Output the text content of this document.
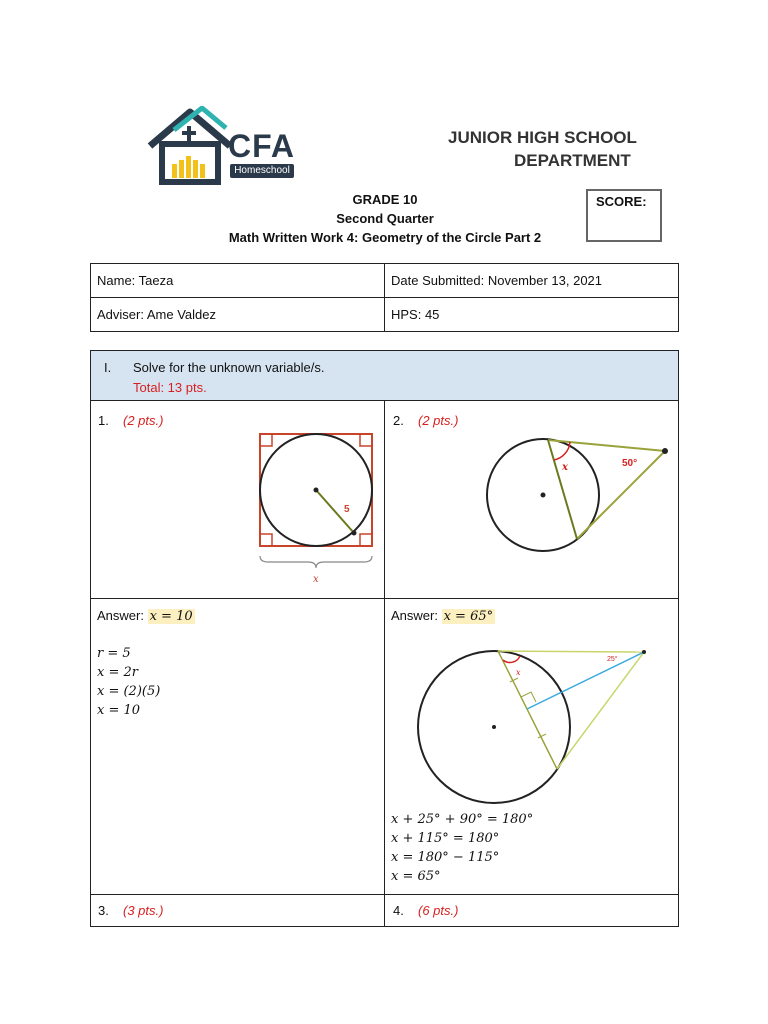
CFA
Homeschool
JUNIOR HIGH SCHOOL
DEPARTMENT
GRADE 10
Second Quarter
Math Written Work 4: Geometry of the Circle Part 2
SCORE:
Name: Taeza	Date Submitted: November 13, 2021
Adviser: Ame Valdez	HPS: 45
I. Solve for the unknown variable/s.
Total: 13 pts.
1. (2 pts.)
5
x
2. (2 pts.)
x	50°
Answer: x = 10
r = 5
x = 2r
x = (2)(5)
x = 10
Answer: x = 65°
x
25°
x + 25° + 90° = 180°
x + 115° = 180°
x = 180° − 115°
x = 65°
3. (3 pts.)	4. (6 pts.)
